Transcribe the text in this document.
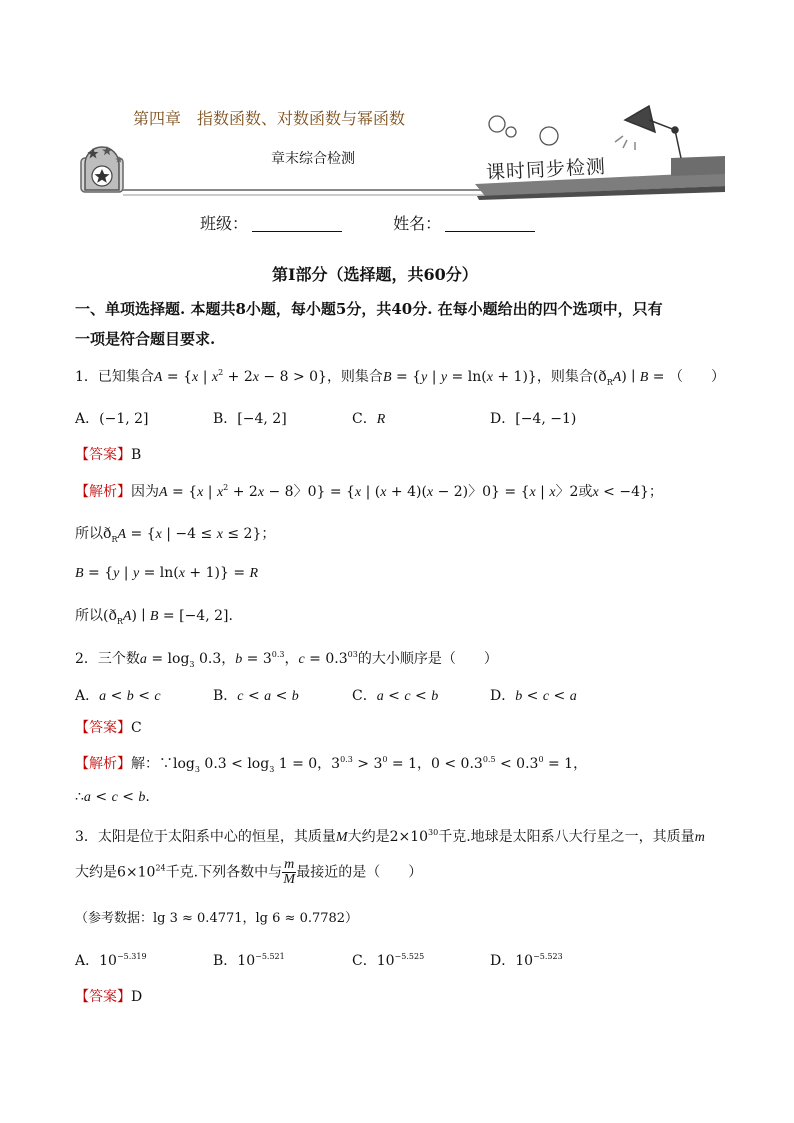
第四章　指数函数、对数函数与幂函数
章末综合检测	课时同步检测
班级：	姓名：
第Ⅰ部分（选择题，共60分）
一、单项选择题. 本题共8小题，每小题5分，共40分. 在每小题给出的四个选项中，只有
一项是符合题目要求.
1．已知集合A = {x | $x^2 + 2x - 8 > 0$}，则集合B = {y | y = ln(x + 1)}，则集合$(ð_RA)$ ∣ B = （　　）
A．(−1, 2]	B．[−4, 2]	C．R	D．[−4, −1)
【答案】B
【解析】因为A = {x | $x^2 + 2x - 8$〉0} = {x | (x + 4)(x − 2)〉0} = {x | x〉2或x < −4}；
所以$ð_RA = \{x$ | −4 ≤ x ≤ 2}；
B = {y | y = ln(x + 1)} = R
所以$(ð_RA)$ ∣ B = [−4, 2].
2．三个数$a = \log_3 0.3$，$b = 3^{0.3}$，$c = 0.3^{03}$的大小顺序是（　　）
A．a < b < c	B．c < a < b	C．a < c < b	D．b < c < a
【答案】C
【解析】解：$\because\log_3$ $0.3 < \log_3 1 = 0$，$3^{0.3} > 3^0 = 1$，$0 < 0.3^{0.5} < 0.3^0 = 1$，
∴a < c < b.
3．太阳是位于太阳系中心的恒星，其质量M大约是$2\times 10^{30}$千克.地球是太阳系八大行星之一，其质量m
大约是$6\times 10^{24}$千克.下列各数中与 $\frac{m}{M}$ 最接近的是（　　）
（参考数据：lg 3 ≈ 0.4771，lg 6 ≈ 0.7782）
A．$10^{-5.319}$	B．$10^{-5.521}$	C．$10^{-5.525}$	D．$10^{-5.523}$
【答案】D
